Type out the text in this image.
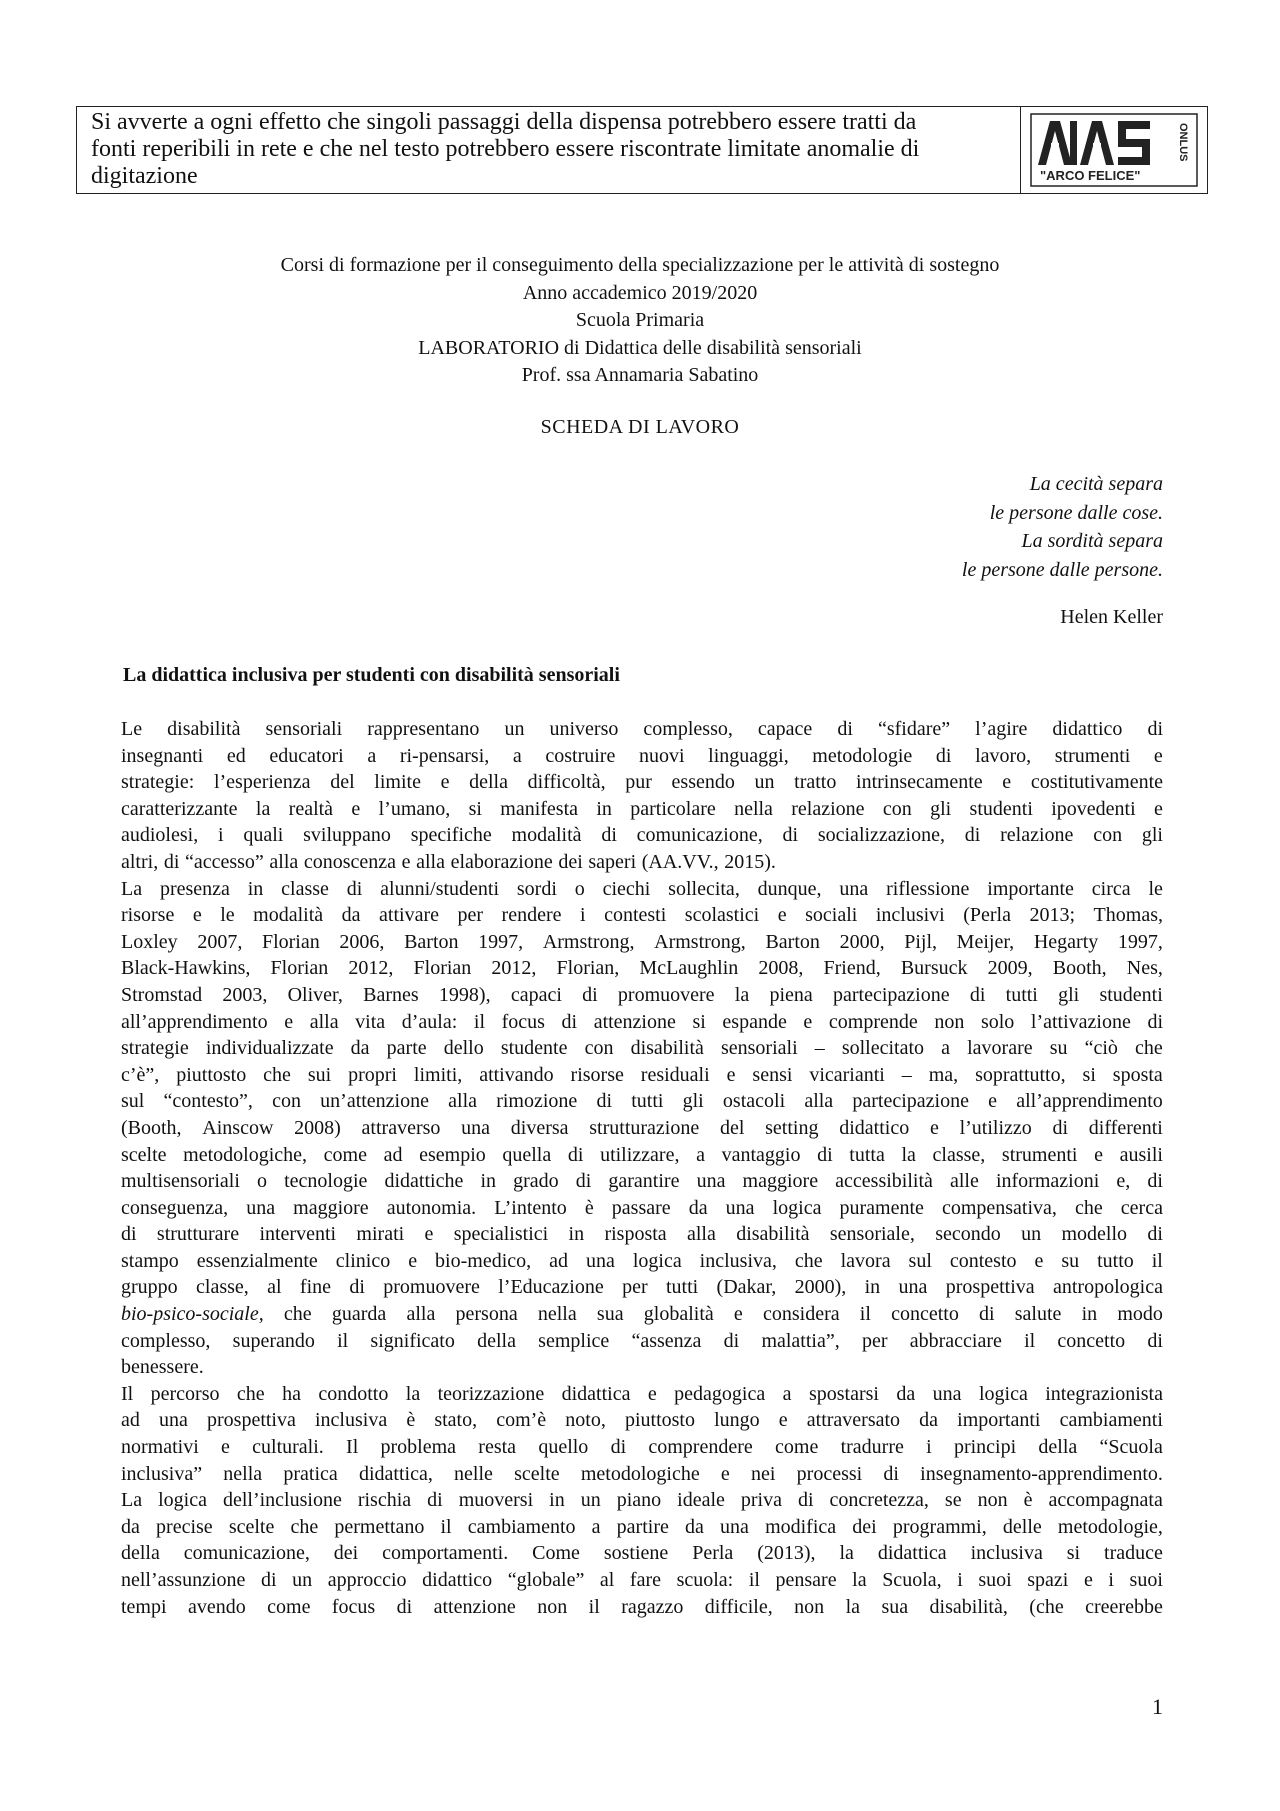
Si avverte a ogni effetto che singoli passaggi della dispensa potrebbero essere tratti da
fonti reperibili in rete e che nel testo potrebbero essere riscontrate limitate anomalie di
digitazione	"ARCO FELICE"
ONLUS
Corsi di formazione per il conseguimento della specializzazione per le attività di sostegno
Anno accademico 2019/2020
Scuola Primaria
LABORATORIO di Didattica delle disabilità sensoriali
Prof. ssa Annamaria Sabatino
SCHEDA DI LAVORO
La cecità separa
le persone dalle cose.
La sordità separa
le persone dalle persone.
Helen Keller
La didattica inclusiva per studenti con disabilità sensoriali
Le disabilità sensoriali rappresentano un universo complesso, capace di “sfidare” l’agire didattico di
insegnanti ed educatori a ri-pensarsi, a costruire nuovi linguaggi, metodologie di lavoro, strumenti e
strategie: l’esperienza del limite e della difficoltà, pur essendo un tratto intrinsecamente e costitutivamente
caratterizzante la realtà e l’umano, si manifesta in particolare nella relazione con gli studenti ipovedenti e
audiolesi, i quali sviluppano specifiche modalità di comunicazione, di socializzazione, di relazione con gli
altri, di “accesso” alla conoscenza e alla elaborazione dei saperi (AA.VV., 2015).
La presenza in classe di alunni/studenti sordi o ciechi sollecita, dunque, una riflessione importante circa le
risorse e le modalità da attivare per rendere i contesti scolastici e sociali inclusivi (Perla 2013; Thomas,
Loxley 2007, Florian 2006, Barton 1997, Armstrong, Armstrong, Barton 2000, Pijl, Meijer, Hegarty 1997,
Black-Hawkins, Florian 2012, Florian 2012, Florian, McLaughlin 2008, Friend, Bursuck 2009, Booth, Nes,
Stromstad 2003, Oliver, Barnes 1998), capaci di promuovere la piena partecipazione di tutti gli studenti
all’apprendimento e alla vita d’aula: il focus di attenzione si espande e comprende non solo l’attivazione di
strategie individualizzate da parte dello studente con disabilità sensoriali – sollecitato a lavorare su “ciò che
c’è”, piuttosto che sui propri limiti, attivando risorse residuali e sensi vicarianti – ma, soprattutto, si sposta
sul “contesto”, con un’attenzione alla rimozione di tutti gli ostacoli alla partecipazione e all’apprendimento
(Booth, Ainscow 2008) attraverso una diversa strutturazione del setting didattico e l’utilizzo di differenti
scelte metodologiche, come ad esempio quella di utilizzare, a vantaggio di tutta la classe, strumenti e ausili
multisensoriali o tecnologie didattiche in grado di garantire una maggiore accessibilità alle informazioni e, di
conseguenza, una maggiore autonomia. L’intento è passare da una logica puramente compensativa, che cerca
di strutturare interventi mirati e specialistici in risposta alla disabilità sensoriale, secondo un modello di
stampo essenzialmente clinico e bio-medico, ad una logica inclusiva, che lavora sul contesto e su tutto il
gruppo classe, al fine di promuovere l’Educazione per tutti (Dakar, 2000), in una prospettiva antropologica
bio-psico-sociale, che guarda alla persona nella sua globalità e considera il concetto di salute in modo
complesso, superando il significato della semplice “assenza di malattia”, per abbracciare il concetto di
benessere.
Il percorso che ha condotto la teorizzazione didattica e pedagogica a spostarsi da una logica integrazionista
ad una prospettiva inclusiva è stato, com’è noto, piuttosto lungo e attraversato da importanti cambiamenti
normativi e culturali. Il problema resta quello di comprendere come tradurre i principi della “Scuola
inclusiva” nella pratica didattica, nelle scelte metodologiche e nei processi di insegnamento-apprendimento.
La logica dell’inclusione rischia di muoversi in un piano ideale priva di concretezza, se non è accompagnata
da precise scelte che permettano il cambiamento a partire da una modifica dei programmi, delle metodologie,
della comunicazione, dei comportamenti. Come sostiene Perla (2013), la didattica inclusiva si traduce
nell’assunzione di un approccio didattico “globale” al fare scuola: il pensare la Scuola, i suoi spazi e i suoi
tempi avendo come focus di attenzione non il ragazzo difficile, non la sua disabilità, (che creerebbe
1
